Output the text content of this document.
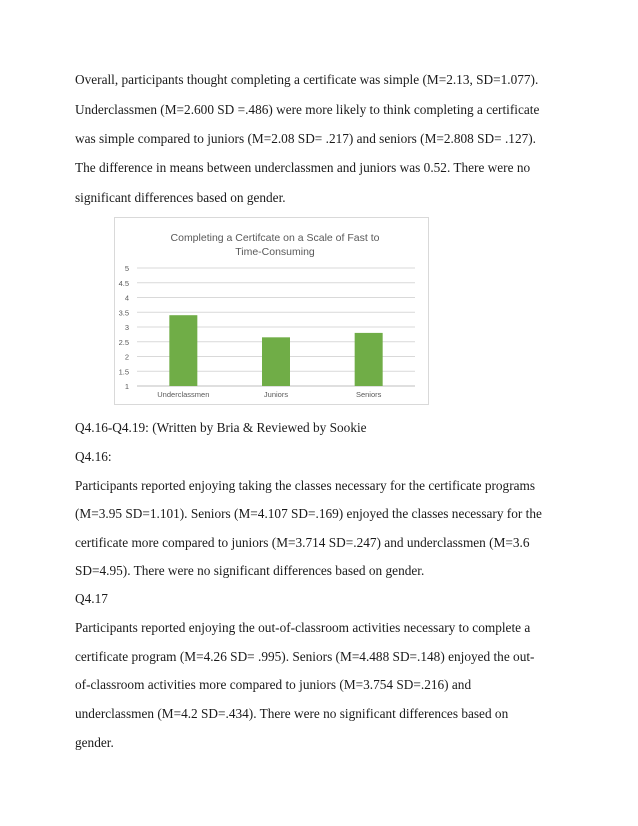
Overall, participants thought completing a certificate was simple (M=2.13, SD=1.077).
Underclassmen (M=2.600 SD =.486) were more likely to think completing a certificate
was simple compared to juniors (M=2.08 SD= .217) and seniors (M=2.808 SD= .127).
The difference in means between underclassmen and juniors was 0.52. There were no
significant differences based on gender.
Completing a Certifcate on a Scale of Fast to
Time-Consuming
1
1.5
2
2.5
3
3.5
4
4.5
5
Underclassmen	Juniors	Seniors
Q4.16-Q4.19: (Written by Bria & Reviewed by Sookie
Q4.16:
Participants reported enjoying taking the classes necessary for the certificate programs
(M=3.95 SD=1.101). Seniors (M=4.107 SD=.169) enjoyed the classes necessary for the
certificate more compared to juniors (M=3.714 SD=.247) and underclassmen (M=3.6
SD=4.95). There were no significant differences based on gender.
Q4.17
Participants reported enjoying the out-of-classroom activities necessary to complete a
certificate program (M=4.26 SD= .995). Seniors (M=4.488 SD=.148) enjoyed the out-
of-classroom activities more compared to juniors (M=3.754 SD=.216) and
underclassmen (M=4.2 SD=.434). There were no significant differences based on
gender.
